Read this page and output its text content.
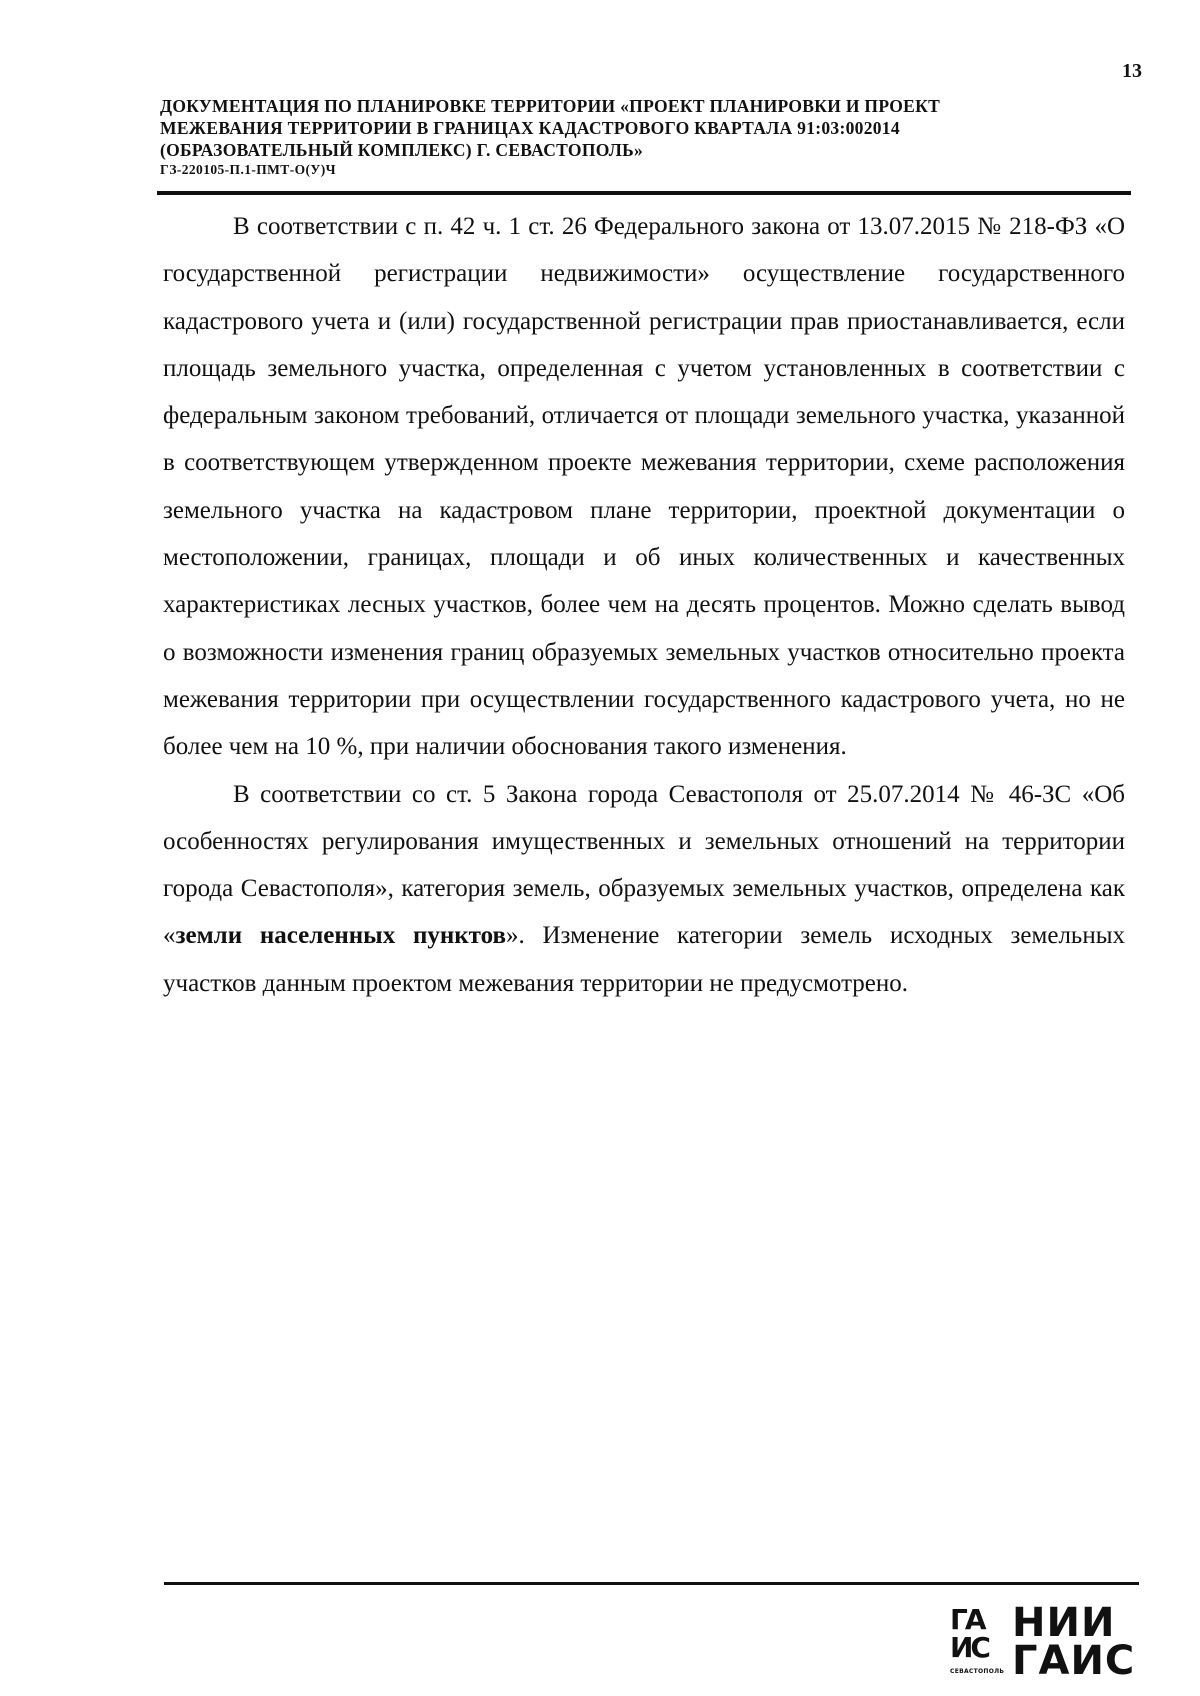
13
ДОКУМЕНТАЦИЯ ПО ПЛАНИРОВКЕ ТЕРРИТОРИИ «ПРОЕКТ ПЛАНИРОВКИ И ПРОЕКТ
МЕЖЕВАНИЯ ТЕРРИТОРИИ В ГРАНИЦАХ КАДАСТРОВОГО КВАРТАЛА 91:03:002014
(ОБРАЗОВАТЕЛЬНЫЙ КОМПЛЕКС) Г. СЕВАСТОПОЛЬ»
ГЗ-220105-П.1-ПМТ-О(У)Ч

В соответствии с п. 42 ч. 1 ст. 26 Федерального закона от 13.07.2015 № 218-ФЗ «О государственной регистрации недвижимости» осуществление государственного кадастрового учета и (или) государственной регистрации прав приостанавливается, если площадь земельного участка, определенная с учетом установленных в соответствии с федеральным законом требований, отличается от площади земельного участка, указанной в соответствующем утвержденном проекте межевания территории, схеме расположения земельного участка на кадастровом плане территории, проектной документации о местоположении, границах, площади и об иных количественных и качественных характеристиках лесных участков, более чем на десять процентов. Можно сделать вывод о возможности изменения границ образуемых земельных участков относительно проекта межевания территории при осуществлении государственного кадастрового учета, но не более чем на 10 %, при наличии обоснования такого изменения.

В соответствии со ст. 5 Закона города Севастополя от 25.07.2014 № 46-ЗС «Об особенностях регулирования имущественных и земельных отношений на территории города Севастополя», категория земель, образуемых земельных участков, определена как «земли населенных пунктов». Изменение категории земель исходных земельных участков данным проектом межевания территории не предусмотрено.

ГА
ИС
СЕВАСТОПОЛЬ
НИИ
ГАИС
